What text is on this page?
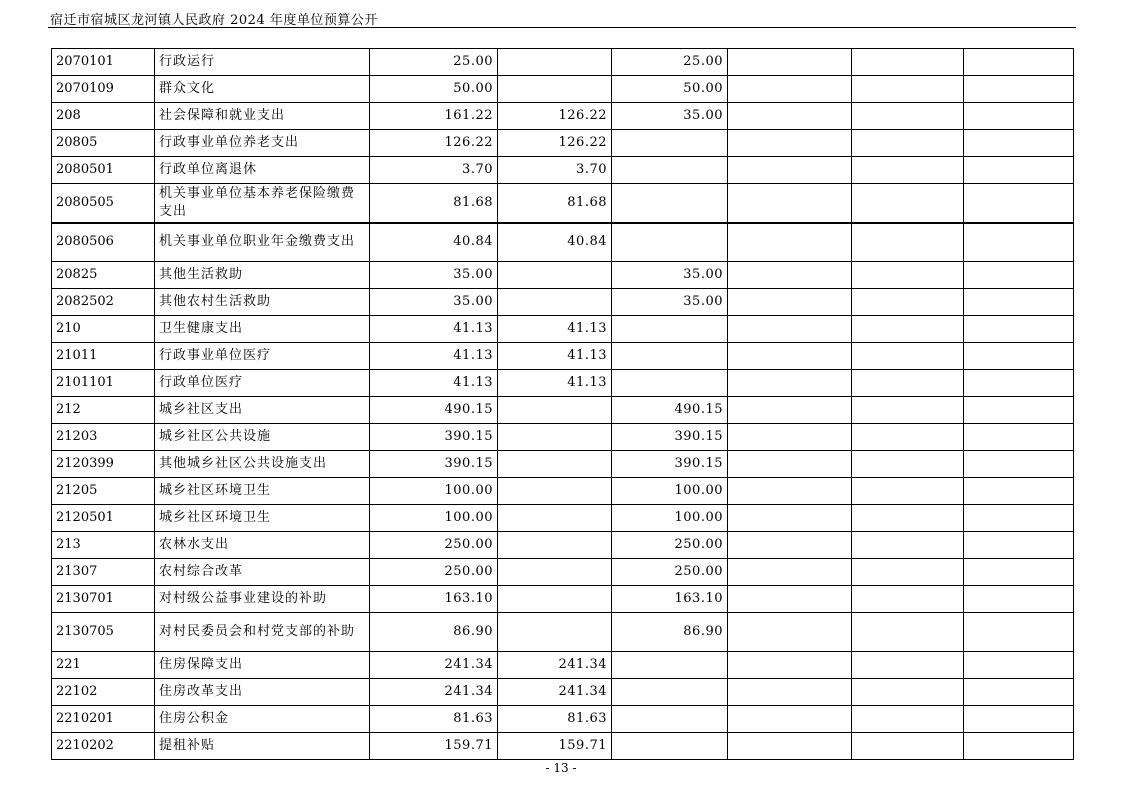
宿迁市宿城区龙河镇人民政府 2024 年度单位预算公开
2070101	行政运行	25.00		25.00			
2070109	群众文化	50.00		50.00			
208	社会保障和就业支出	161.22	126.22	35.00			
20805	行政事业单位养老支出	126.22	126.22				
2080501	行政单位离退休	3.70	3.70				
2080505	机关事业单位基本养老保险缴费支出	81.68	81.68				
2080506	机关事业单位职业年金缴费支出	40.84	40.84				
20825	其他生活救助	35.00		35.00			
2082502	其他农村生活救助	35.00		35.00			
210	卫生健康支出	41.13	41.13				
21011	行政事业单位医疗	41.13	41.13				
2101101	行政单位医疗	41.13	41.13				
212	城乡社区支出	490.15		490.15			
21203	城乡社区公共设施	390.15		390.15			
2120399	其他城乡社区公共设施支出	390.15		390.15			
21205	城乡社区环境卫生	100.00		100.00			
2120501	城乡社区环境卫生	100.00		100.00			
213	农林水支出	250.00		250.00			
21307	农村综合改革	250.00		250.00			
2130701	对村级公益事业建设的补助	163.10		163.10			
2130705	对村民委员会和村党支部的补助	86.90		86.90			
221	住房保障支出	241.34	241.34				
22102	住房改革支出	241.34	241.34				
2210201	住房公积金	81.63	81.63				
2210202	提租补贴	159.71	159.71				
- 13 -
